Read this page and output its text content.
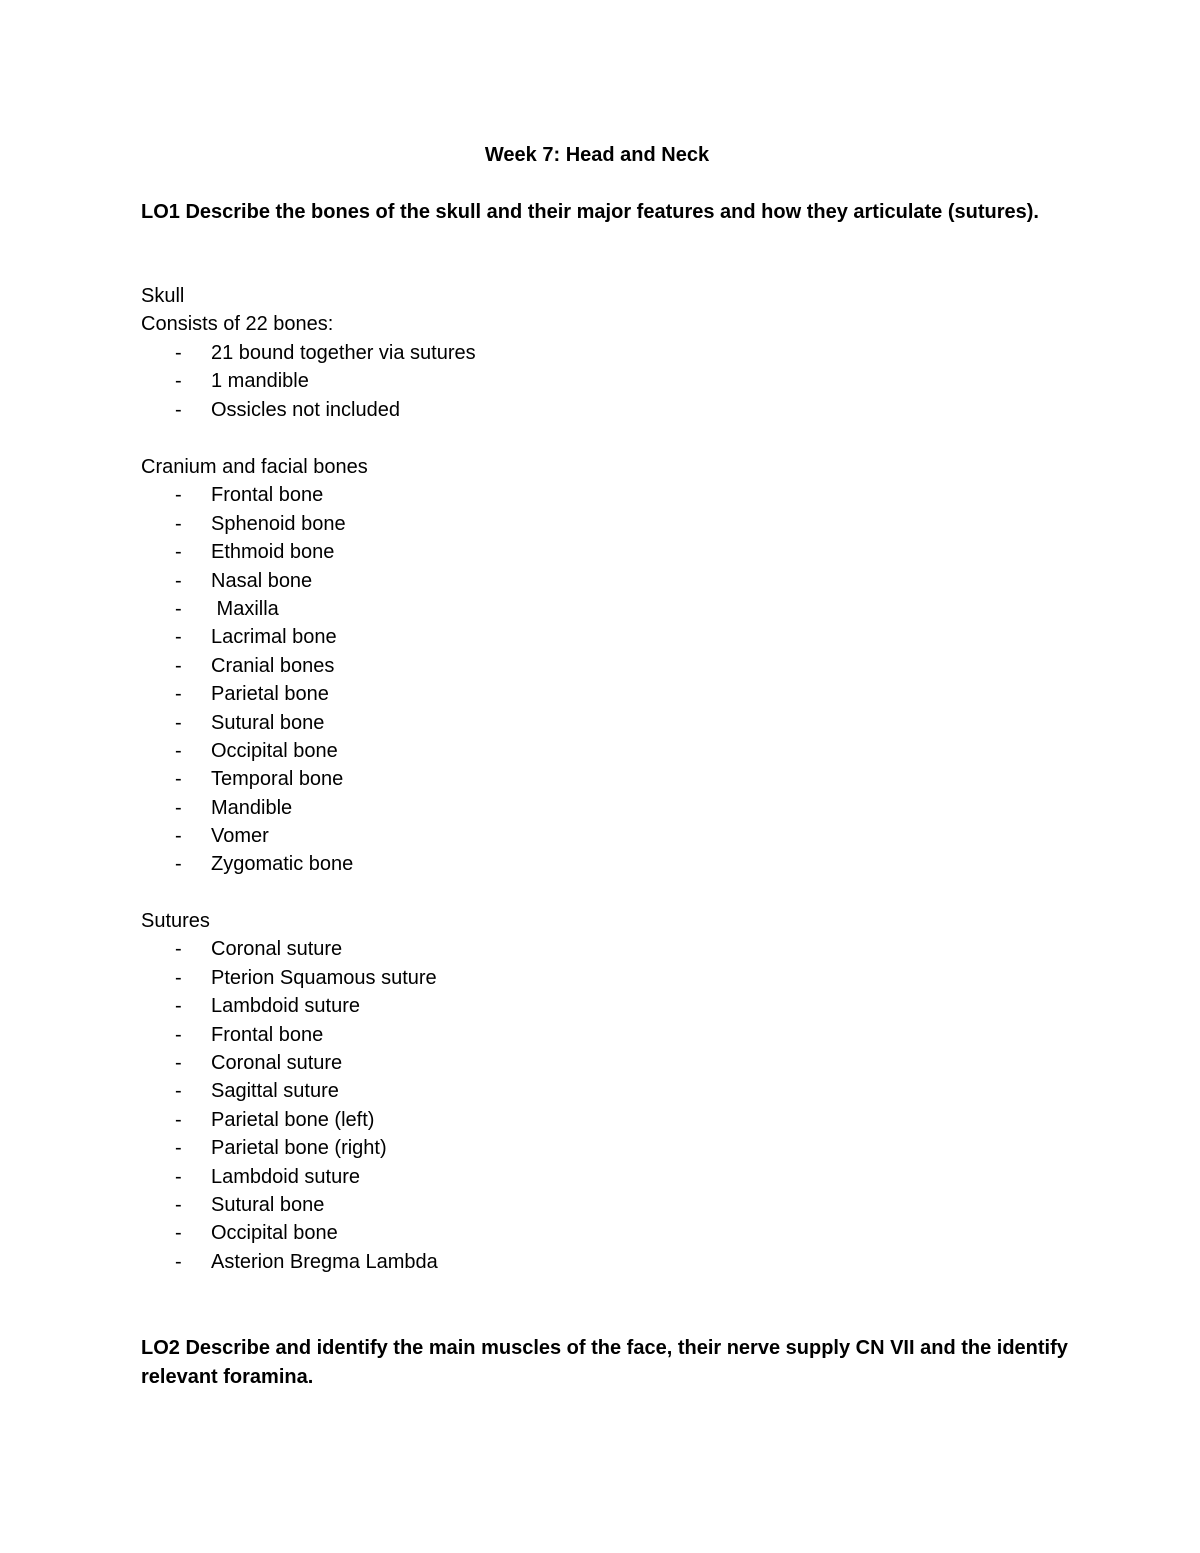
Week 7: Head and Neck
LO1 Describe the bones of the skull and their major features and how they articulate (sutures).
Skull
Consists of 22 bones:
- 21 bound together via sutures
- 1 mandible
- Ossicles not included
Cranium and facial bones
- Frontal bone
- Sphenoid bone
- Ethmoid bone
- Nasal bone
- Maxilla
- Lacrimal bone
- Cranial bones
- Parietal bone
- Sutural bone
- Occipital bone
- Temporal bone
- Mandible
- Vomer
- Zygomatic bone
Sutures
- Coronal suture
- Pterion Squamous suture
- Lambdoid suture
- Frontal bone
- Coronal suture
- Sagittal suture
- Parietal bone (left)
- Parietal bone (right)
- Lambdoid suture
- Sutural bone
- Occipital bone
- Asterion Bregma Lambda
LO2 Describe and identify the main muscles of the face, their nerve supply CN VII and the identify relevant foramina.
